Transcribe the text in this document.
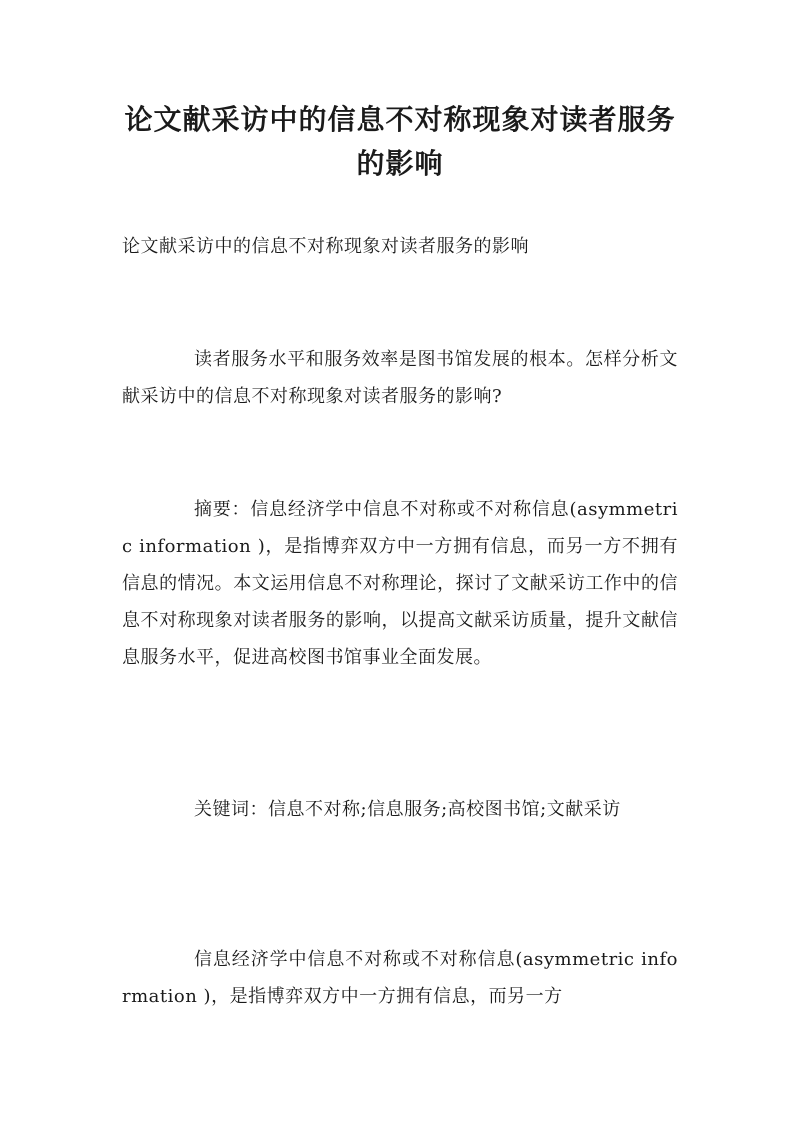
论文献采访中的信息不对称现象对读者服务的影响

论文献采访中的信息不对称现象对读者服务的影响

读者服务水平和服务效率是图书馆发展的根本。怎样分析文献采访中的信息不对称现象对读者服务的影响?

摘要：信息经济学中信息不对称或不对称信息(asymmetric information )，是指博弈双方中一方拥有信息，而另一方不拥有信息的情况。本文运用信息不对称理论，探讨了文献采访工作中的信息不对称现象对读者服务的影响，以提高文献采访质量，提升文献信息服务水平，促进高校图书馆事业全面发展。

关键词：信息不对称;信息服务;高校图书馆;文献采访

信息经济学中信息不对称或不对称信息(asymmetric information )，是指博弈双方中一方拥有信息，而另一方
